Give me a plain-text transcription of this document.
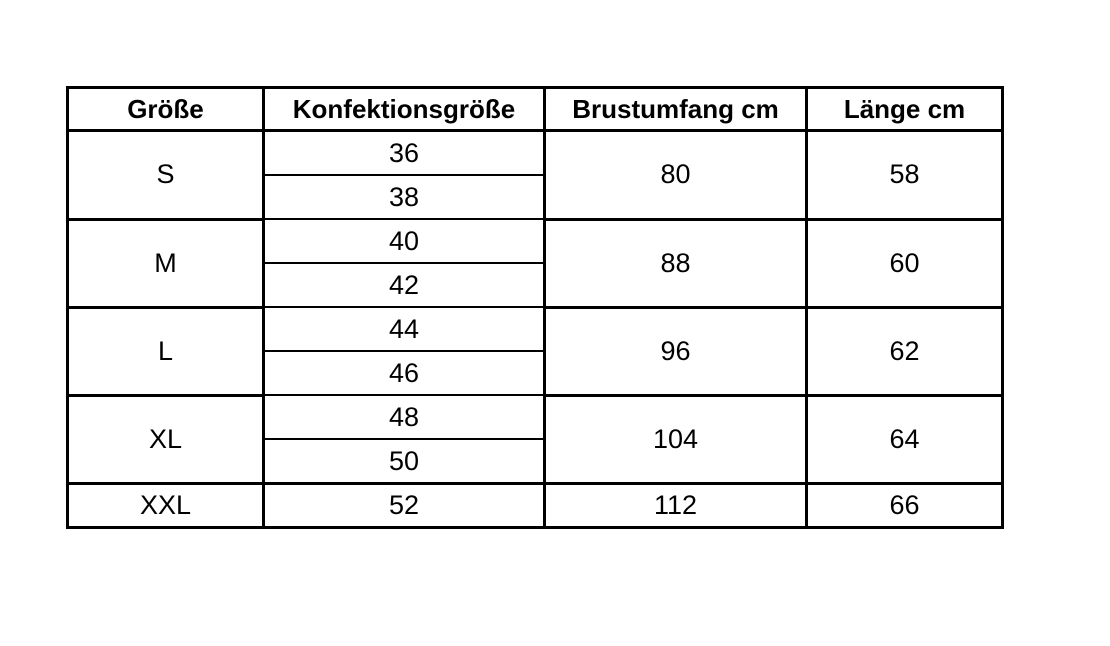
Größe	Konfektionsgröße	Brustumfang cm	Länge cm
S	36	80	58
	38		
M	40	88	60
	42		
L	44	96	62
	46		
XL	48	104	64
	50		
XXL	52	112	66
